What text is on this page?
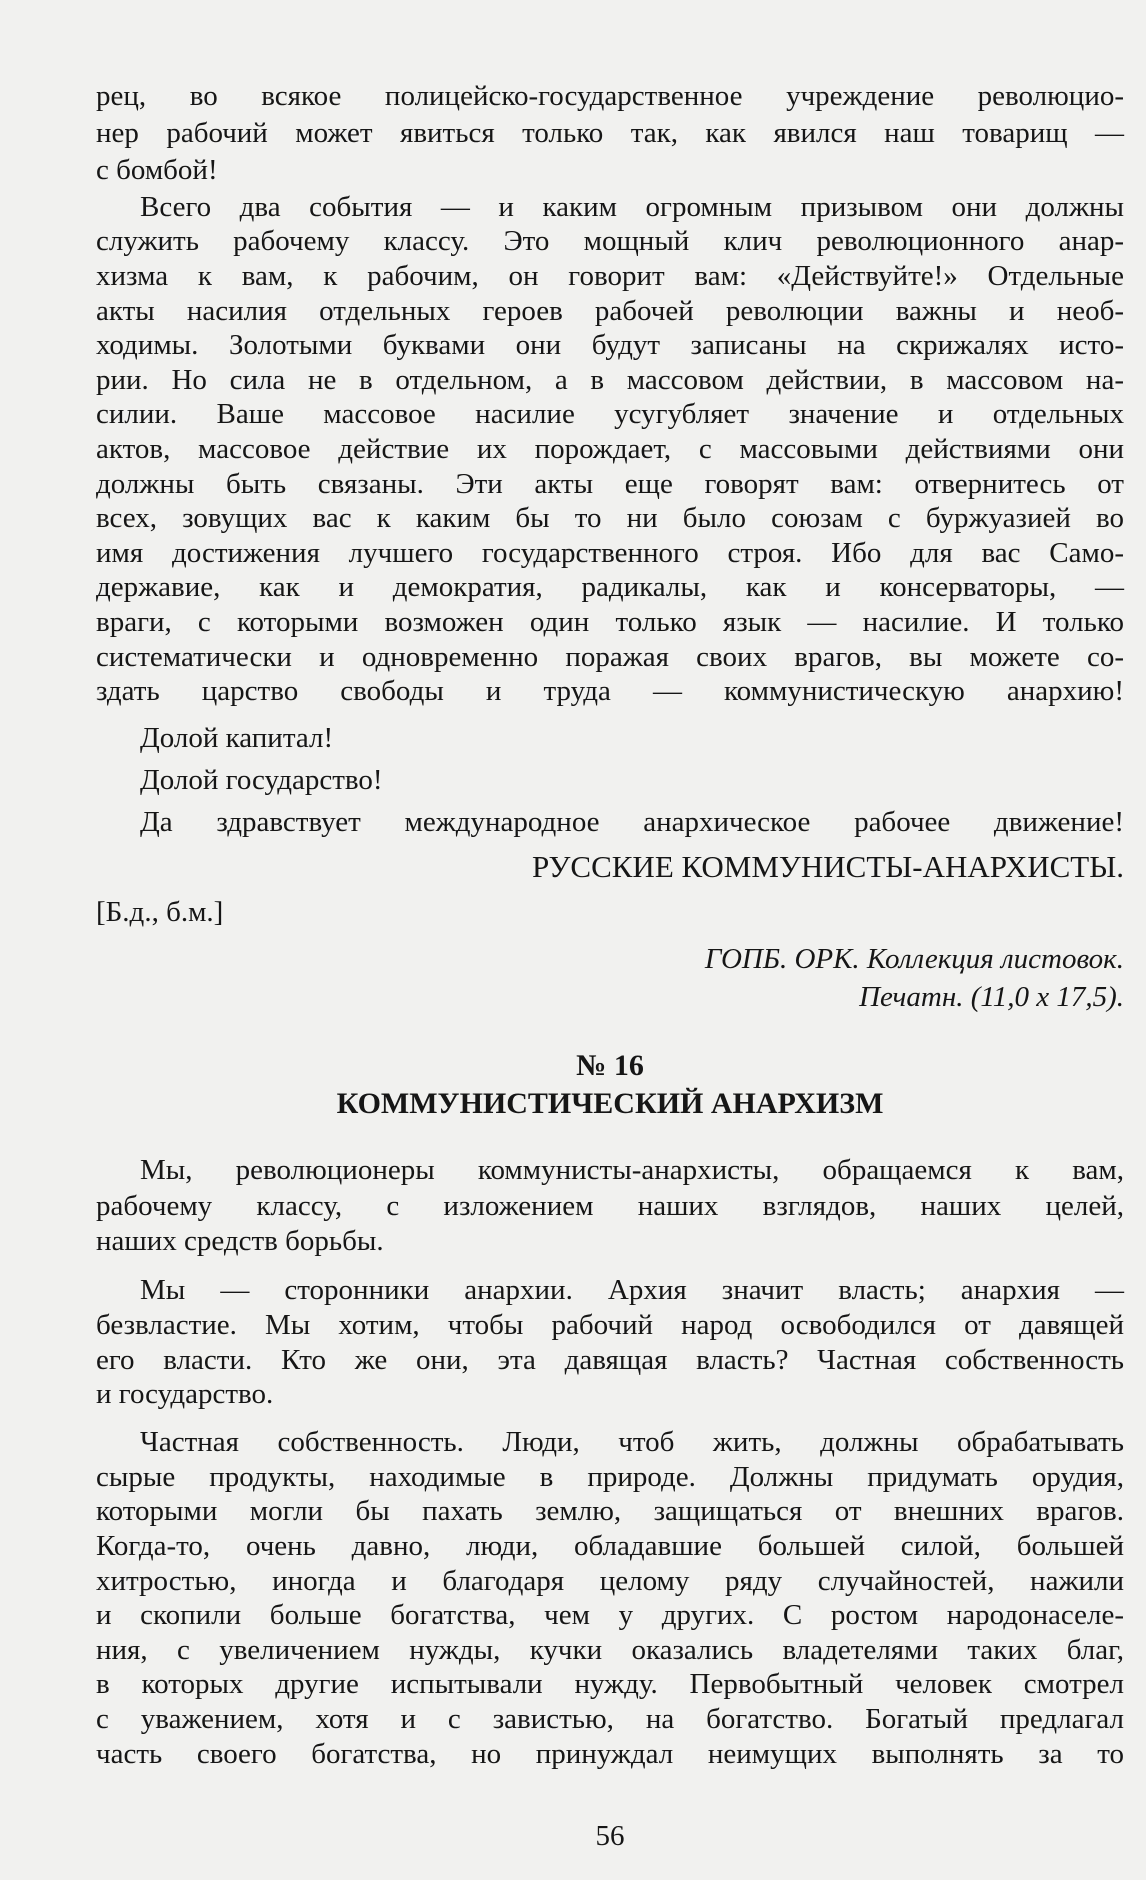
рец, во всякое полицейско-государственное учреждение революцио-
нер рабочий может явиться только так, как явился наш товарищ —
с бомбой!
Всего два события — и каким огромным призывом они должны
служить рабочему классу. Это мощный клич революционного анар-
хизма к вам, к рабочим, он говорит вам: «Действуйте!» Отдельные
акты насилия отдельных героев рабочей революции важны и необ-
ходимы. Золотыми буквами они будут записаны на скрижалях исто-
рии. Но сила не в отдельном, а в массовом действии, в массовом на-
силии. Ваше массовое насилие усугубляет значение и отдельных
актов, массовое действие их порождает, с массовыми действиями они
должны быть связаны. Эти акты еще говорят вам: отвернитесь от
всех, зовущих вас к каким бы то ни было союзам с буржуазией во
имя достижения лучшего государственного строя. Ибо для вас Само-
державие, как и демократия, радикалы, как и консерваторы, —
враги, с которыми возможен один только язык — насилие. И только
систематически и одновременно поражая своих врагов, вы можете со-
здать царство свободы и труда — коммунистическую анархию!
Долой капитал!
Долой государство!
Да здравствует международное анархическое рабочее движение!
РУССКИЕ КОММУНИСТЫ-АНАРХИСТЫ.
[Б.д., б.м.]
ГОПБ. ОРК. Коллекция листовок.
Печатн. (11,0 х 17,5).
№ 16
КОММУНИСТИЧЕСКИЙ АНАРХИЗМ
Мы, революционеры коммунисты-анархисты, обращаемся к вам,
рабочему классу, с изложением наших взглядов, наших целей,
наших средств борьбы.
Мы — сторонники анархии. Архия значит власть; анархия —
безвластие. Мы хотим, чтобы рабочий народ освободился от давящей
его власти. Кто же они, эта давящая власть? Частная собственность
и государство.
Частная собственность. Люди, чтоб жить, должны обрабатывать
сырые продукты, находимые в природе. Должны придумать орудия,
которыми могли бы пахать землю, защищаться от внешних врагов.
Когда-то, очень давно, люди, обладавшие большей силой, большей
хитростью, иногда и благодаря целому ряду случайностей, нажили
и скопили больше богатства, чем у других. С ростом народонаселе-
ния, с увеличением нужды, кучки оказались владетелями таких благ,
в которых другие испытывали нужду. Первобытный человек смотрел
с уважением, хотя и с завистью, на богатство. Богатый предлагал
часть своего богатства, но принуждал неимущих выполнять за то
56
